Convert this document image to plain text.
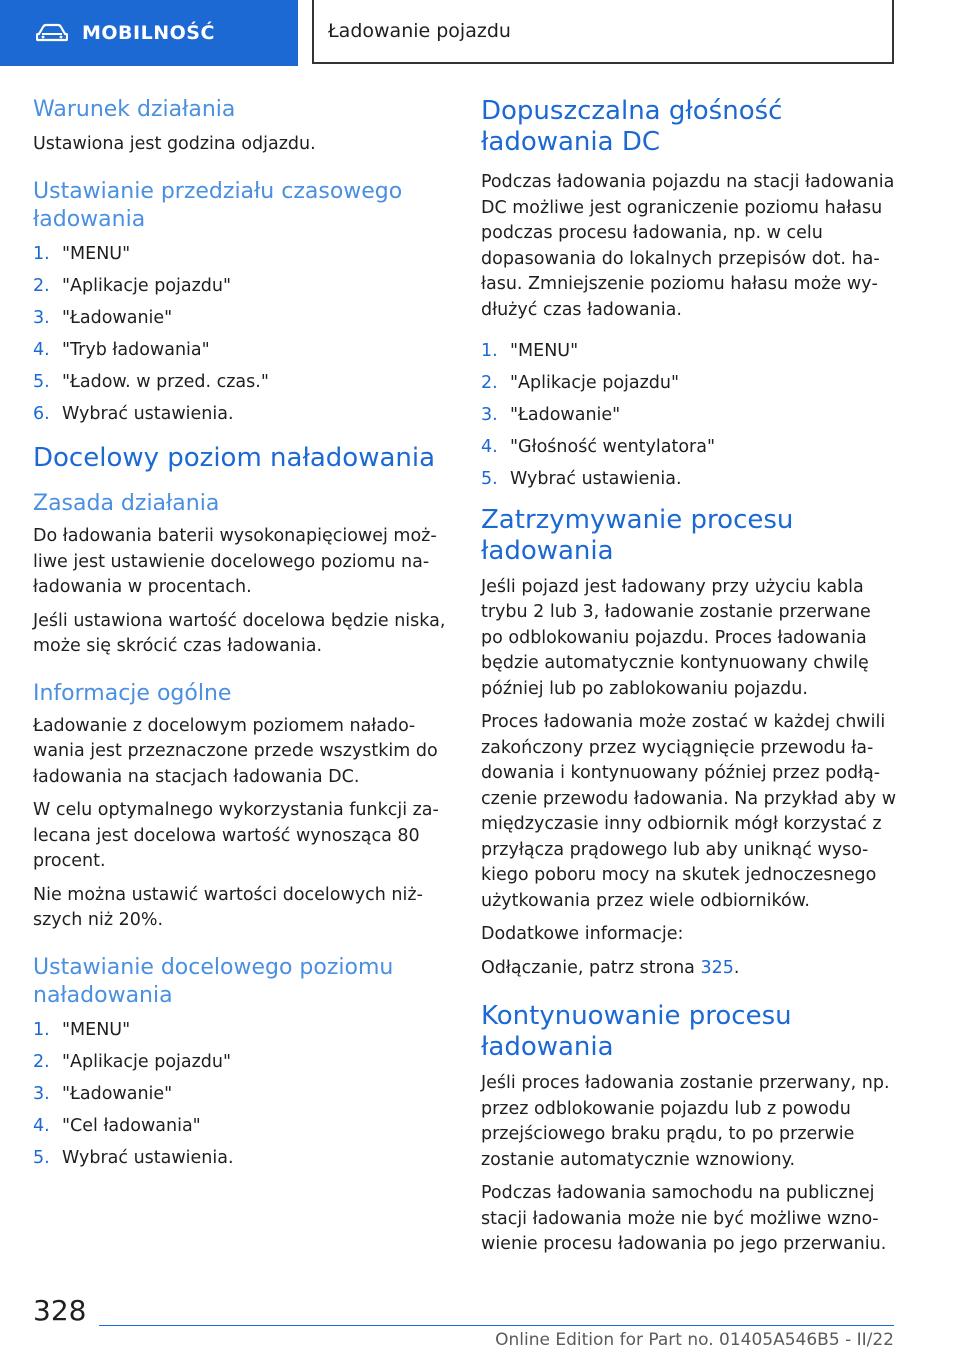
MOBILNOŚĆ	Ładowanie pojazdu
Warunek działania

Ustawiona jest godzina odjazdu.

Ustawianie przedziału czasowego ładowania
1. "MENU"
2. "Aplikacje pojazdu"
3. "Ładowanie"
4. "Tryb ładowania"
5. "Ładow. w przed. czas."
6. Wybrać ustawienia.
Docelowy poziom naładowania
Zasada działania

Do ładowania baterii wysokonapięciowej możliwe jest ustawienie docelowego poziomu naładowania w procentach.

Jeśli ustawiona wartość docelowa będzie niska, może się skrócić czas ładowania.

Informacje ogólne

Ładowanie z docelowym poziomem naładowania jest przeznaczone przede wszystkim do ładowania na stacjach ładowania DC.

W celu optymalnego wykorzystania funkcji zalecana jest docelowa wartość wynosząca 80 procent.

Nie można ustawić wartości docelowych niższych niż 20%.

Ustawianie docelowego poziomu naładowania
1. "MENU"
2. "Aplikacje pojazdu"
3. "Ładowanie"
4. "Cel ładowania"
5. Wybrać ustawienia.
Dopuszczalna głośność ładowania DC

Podczas ładowania pojazdu na stacji ładowania DC możliwe jest ograniczenie poziomu hałasu podczas procesu ładowania, np. w celu dopasowania do lokalnych przepisów dot. hałasu. Zmniejszenie poziomu hałasu może wydłużyć czas ładowania.

1. "MENU"
2. "Aplikacje pojazdu"
3. "Ładowanie"
4. "Głośność wentylatora"
5. Wybrać ustawienia.
Zatrzymywanie procesu ładowania

Jeśli pojazd jest ładowany przy użyciu kabla trybu 2 lub 3, ładowanie zostanie przerwane po odblokowaniu pojazdu. Proces ładowania będzie automatycznie kontynuowany chwilę później lub po zablokowaniu pojazdu.

Proces ładowania może zostać w każdej chwili zakończony przez wyciągnięcie przewodu ładowania i kontynuowany później przez podłączenie przewodu ładowania. Na przykład aby w międzyczasie inny odbiornik mógł korzystać z przyłącza prądowego lub aby uniknąć wysokiego poboru mocy na skutek jednoczesnego użytkowania przez wiele odbiorników.

Dodatkowe informacje:

Odłączanie, patrz strona 325.

Kontynuowanie procesu ładowania

Jeśli proces ładowania zostanie przerwany, np. przez odblokowanie pojazdu lub z powodu przejściowego braku prądu, to po przerwie zostanie automatycznie wznowiony.

Podczas ładowania samochodu na publicznej stacji ładowania może nie być możliwe wznowienie procesu ładowania po jego przerwaniu.

328
Online Edition for Part no. 01405A546B5 - II/22
